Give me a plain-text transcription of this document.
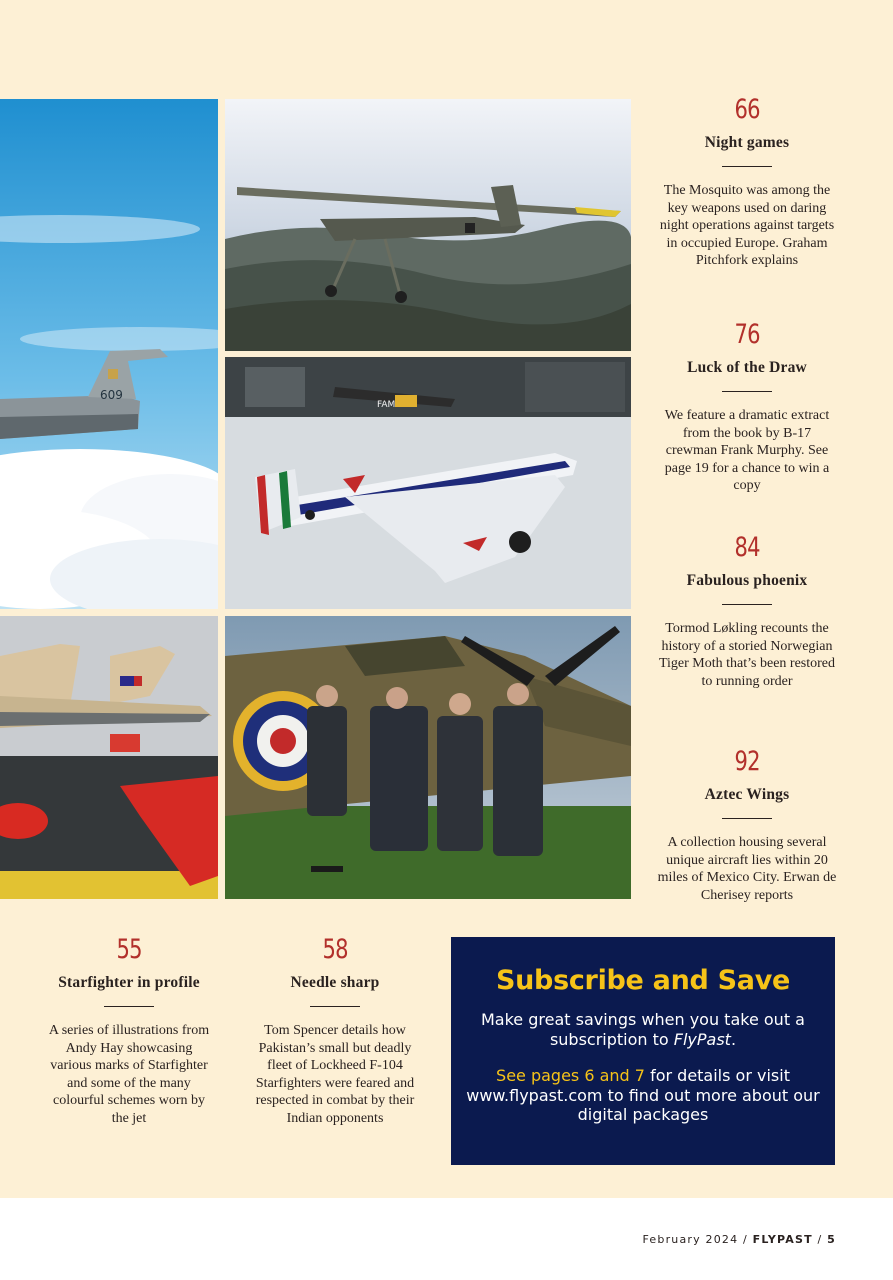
609
FAM
66
Night games
The Mosquito was among the key weapons used on daring night operations against targets in occupied Europe. Graham Pitchfork explains
76
Luck of the Draw
We feature a dramatic extract from the book by B-17 crewman Frank Murphy. See page 19 for a chance to win a copy
84
Fabulous phoenix
Tormod Løkling recounts the history of a storied Norwegian Tiger Moth that’s been restored to running order
92
Aztec Wings
A collection housing several unique aircraft lies within 20 miles of Mexico City. Erwan de Cherisey reports
55
Starfighter in profile
A series of illustrations from Andy Hay showcasing various marks of Starfighter and some of the many colourful schemes worn by the jet
58
Needle sharp
Tom Spencer details how Pakistan’s small but deadly fleet of Lockheed F-104 Starfighters were feared and respected in combat by their Indian opponents
Subscribe and Save
Make great savings when you take out a subscription to FlyPast.
See pages 6 and 7 for details or visit www.flypast.com to find out more about our digital packages
February 2024 / FLYPAST / 5
